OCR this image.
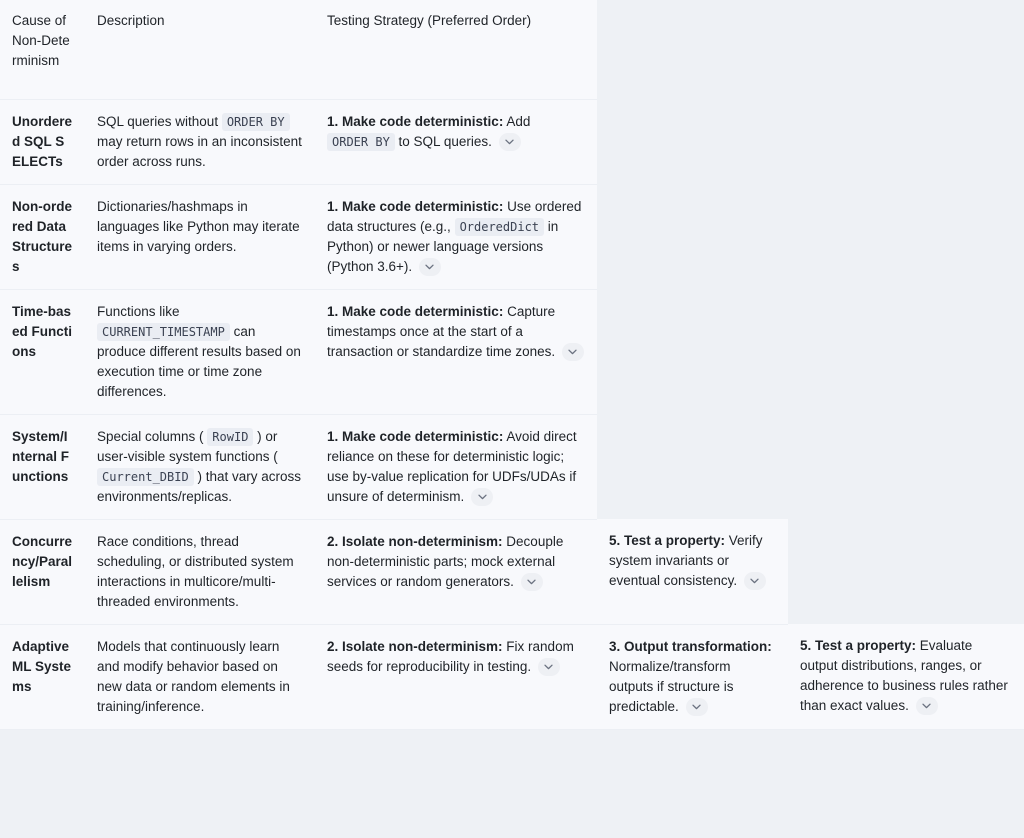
Cause of Non-Determinism	Description	Testing Strategy (Preferred Order)		
Unordered SQL SELECTs	SQL queries without ORDER BY may return rows in an inconsistent order across runs.	1. Make code deterministic: Add ORDER BY to SQL queries.

Non-ordered Data Structures	Dictionaries/hashmaps in languages like Python may iterate items in varying orders.	1. Make code deterministic: Use ordered data structures (e.g., OrderedDict in Python) or newer language versions (Python 3.6+).

Time-based Functions	Functions like CURRENT_TIMESTAMP can produce different results based on execution time or time zone differences.	1. Make code deterministic: Capture timestamps once at the start of a transaction or standardize time zones.

System/Internal Functions	Special columns ( RowID ) or user-visible system functions ( Current_DBID ) that vary across environments/replicas.	1. Make code deterministic: Avoid direct reliance on these for deterministic logic; use by-value replication for UDFs/UDAs if unsure of determinism.

Concurrency/Parallelism	Race conditions, thread scheduling, or distributed system interactions in multicore/multi-threaded environments.	2. Isolate non-determinism: Decouple non-deterministic parts; mock external services or random generators.	5. Test a property: Verify system invariants or eventual consistency.

Adaptive ML Systems	Models that continuously learn and modify behavior based on new data or random elements in training/inference.	2. Isolate non-determinism: Fix random seeds for reproducibility in testing.	3. Output transformation: Normalize/transform outputs if structure is predictable.	5. Test a property: Evaluate output distributions, ranges, or adherence to business rules rather than exact values.
